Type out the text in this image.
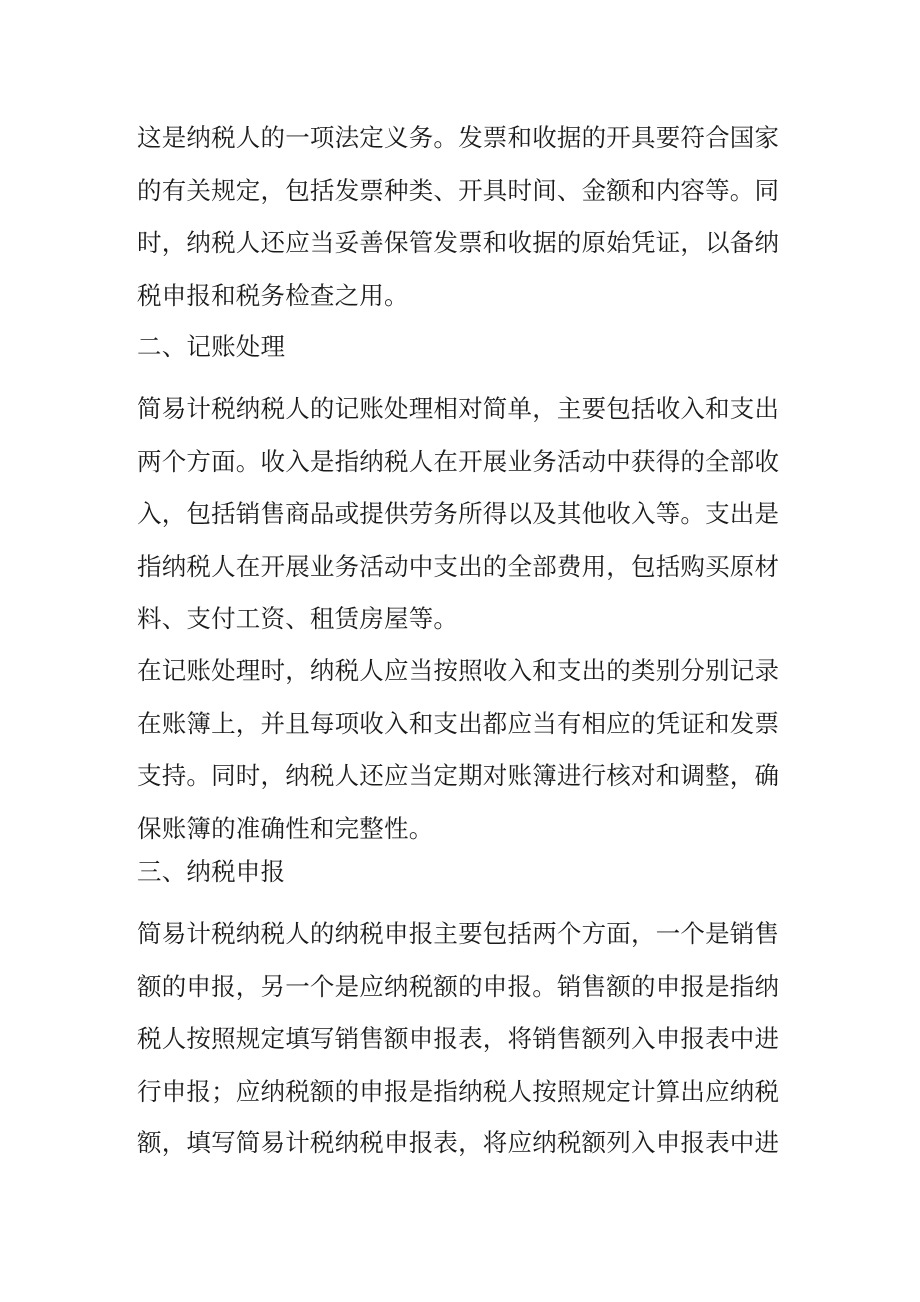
这是纳税人的一项法定义务。发票和收据的开具要符合国家
的有关规定，包括发票种类、开具时间、金额和内容等。同
时，纳税人还应当妥善保管发票和收据的原始凭证，以备纳
税申报和税务检查之用。

二、记账处理

简易计税纳税人的记账处理相对简单，主要包括收入和支出
两个方面。收入是指纳税人在开展业务活动中获得的全部收
入，包括销售商品或提供劳务所得以及其他收入等。支出是
指纳税人在开展业务活动中支出的全部费用，包括购买原材
料、支付工资、租赁房屋等。

在记账处理时，纳税人应当按照收入和支出的类别分别记录
在账簿上，并且每项收入和支出都应当有相应的凭证和发票
支持。同时，纳税人还应当定期对账簿进行核对和调整，确
保账簿的准确性和完整性。

三、纳税申报

简易计税纳税人的纳税申报主要包括两个方面，一个是销售
额的申报，另一个是应纳税额的申报。销售额的申报是指纳
税人按照规定填写销售额申报表，将销售额列入申报表中进
行申报；应纳税额的申报是指纳税人按照规定计算出应纳税

额，填写简易计税纳税申报表，将应纳税额列入申报表中进
